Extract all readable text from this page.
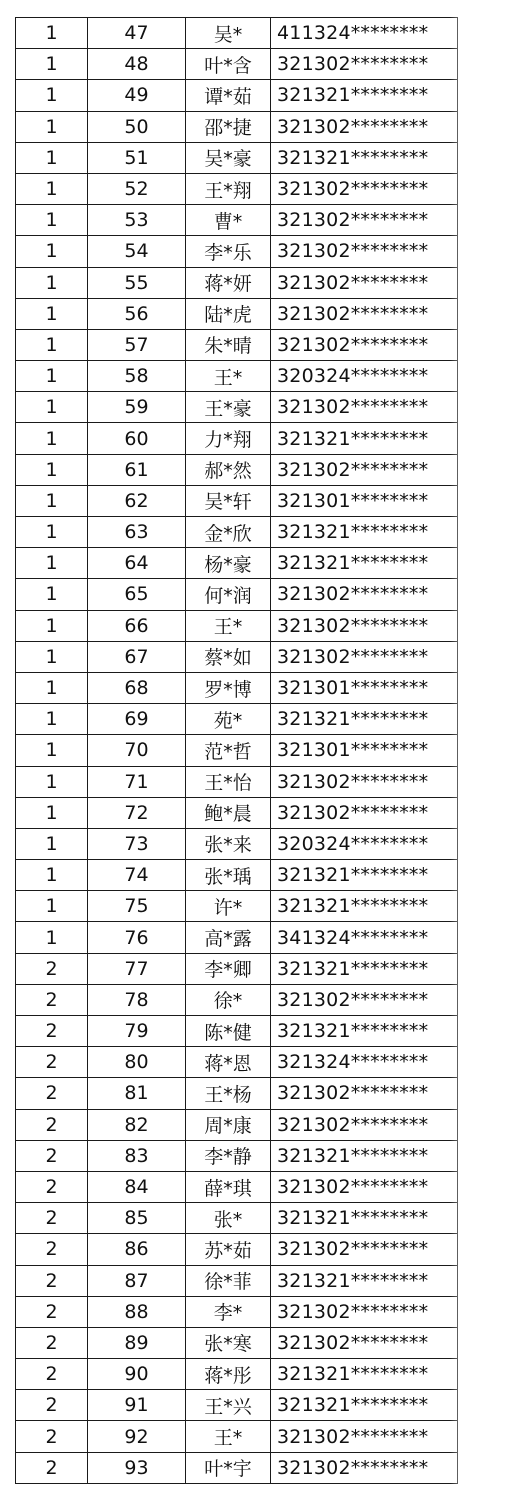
1	47	吴*	411324********
1	48	叶*含	321302********
1	49	谭*茹	321321********
1	50	邵*捷	321302********
1	51	吴*豪	321321********
1	52	王*翔	321302********
1	53	曹*	321302********
1	54	李*乐	321302********
1	55	蒋*妍	321302********
1	56	陆*虎	321302********
1	57	朱*晴	321302********
1	58	王*	320324********
1	59	王*豪	321302********
1	60	力*翔	321321********
1	61	郝*然	321302********
1	62	吴*轩	321301********
1	63	金*欣	321321********
1	64	杨*豪	321321********
1	65	何*润	321302********
1	66	王*	321302********
1	67	蔡*如	321302********
1	68	罗*博	321301********
1	69	苑*	321321********
1	70	范*哲	321301********
1	71	王*怡	321302********
1	72	鲍*晨	321302********
1	73	张*来	320324********
1	74	张*瑀	321321********
1	75	许*	321321********
1	76	高*露	341324********
2	77	李*卿	321321********
2	78	徐*	321302********
2	79	陈*健	321321********
2	80	蒋*恩	321324********
2	81	王*杨	321302********
2	82	周*康	321302********
2	83	李*静	321321********
2	84	薛*琪	321302********
2	85	张*	321321********
2	86	苏*茹	321302********
2	87	徐*菲	321321********
2	88	李*	321302********
2	89	张*寒	321302********
2	90	蒋*彤	321321********
2	91	王*兴	321321********
2	92	王*	321302********
2	93	叶*宇	321302********
